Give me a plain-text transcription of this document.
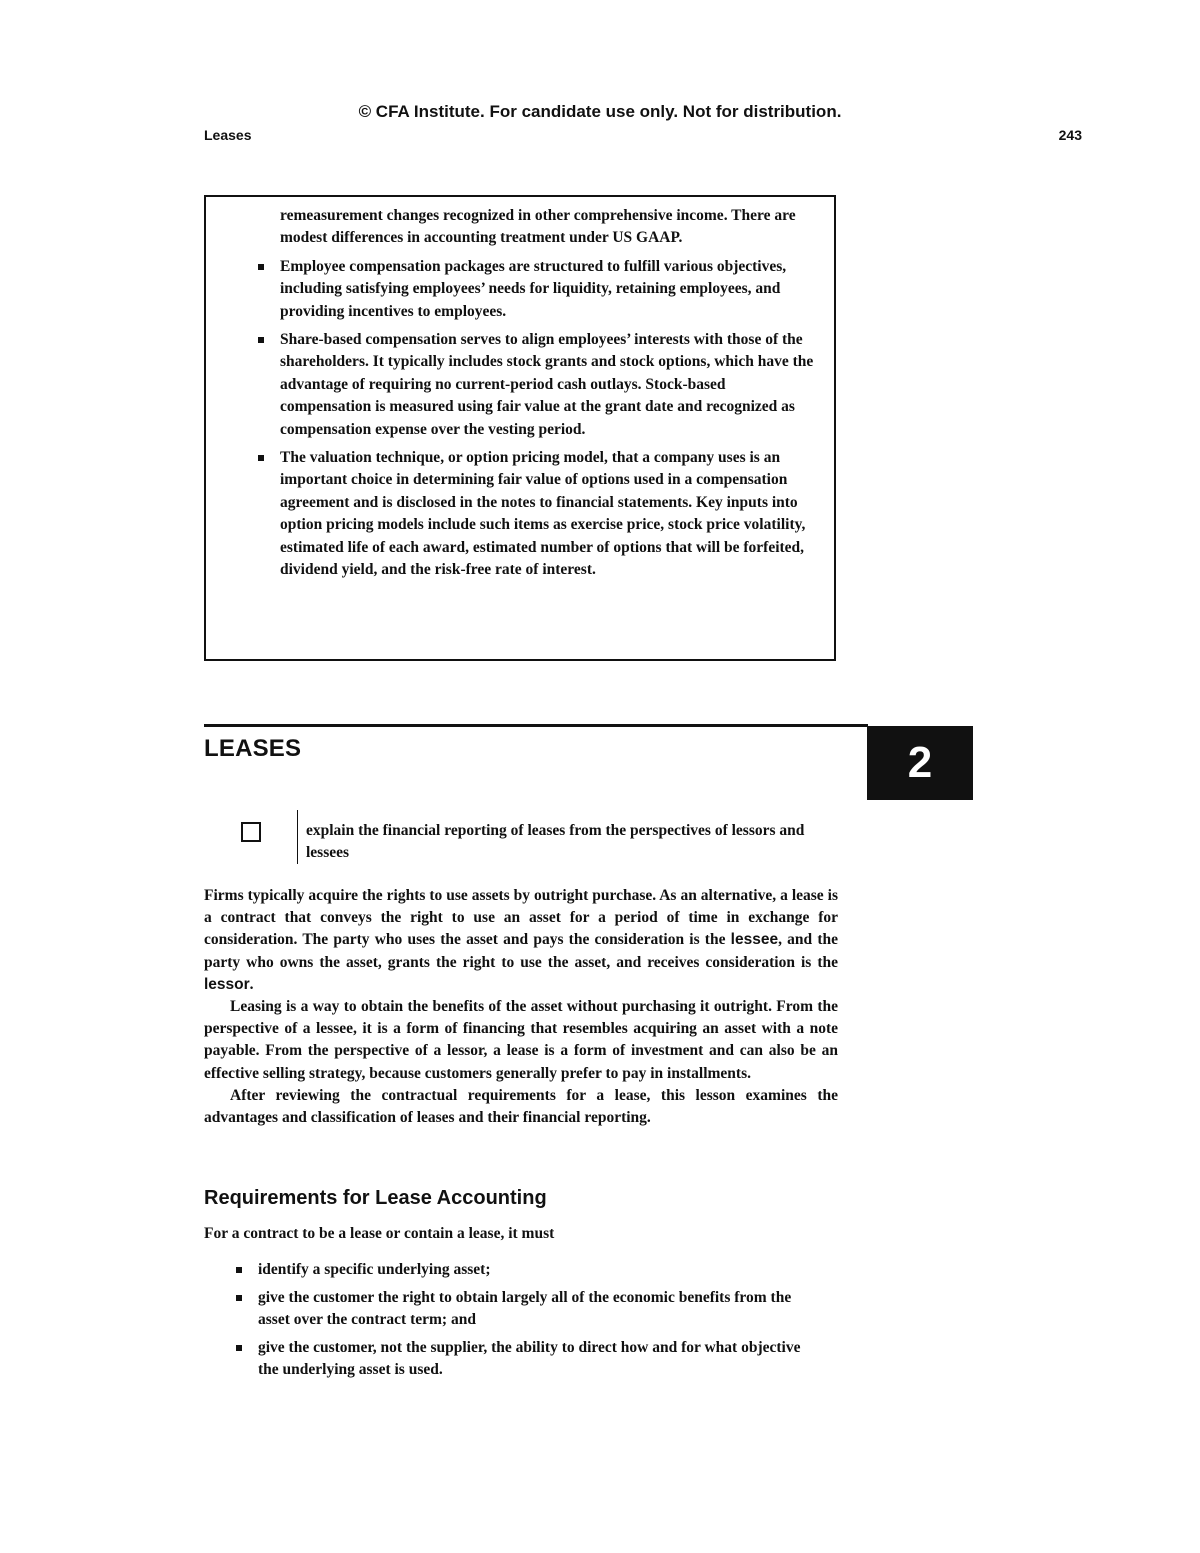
© CFA Institute. For candidate use only. Not for distribution.
Leases	243

remeasurement changes recognized in other comprehensive income. There are modest differences in accounting treatment under US GAAP.

Employee compensation packages are structured to fulfill various objectives, including satisfying employees’ needs for liquidity, retaining employees, and providing incentives to employees.
Share-based compensation serves to align employees’ interests with those of the shareholders. It typically includes stock grants and stock options, which have the advantage of requiring no current-period cash outlays. Stock-based compensation is measured using fair value at the grant date and recognized as compensation expense over the vesting period.
The valuation technique, or option pricing model, that a company uses is an important choice in determining fair value of options used in a compensation agreement and is disclosed in the notes to financial statements. Key inputs into option pricing models include such items as exercise price, stock price volatility, estimated life of each award, estimated number of options that will be forfeited, dividend yield, and the risk-free rate of interest.
LEASES	2
explain the financial reporting of leases from the perspectives of lessors and lessees

Firms typically acquire the rights to use assets by outright purchase. As an alternative, a lease is a contract that conveys the right to use an asset for a period of time in exchange for consideration. The party who uses the asset and pays the consideration is the lessee, and the party who owns the asset, grants the right to use the asset, and receives consideration is the lessor.

Leasing is a way to obtain the benefits of the asset without purchasing it outright. From the perspective of a lessee, it is a form of financing that resembles acquiring an asset with a note payable. From the perspective of a lessor, a lease is a form of investment and can also be an effective selling strategy, because customers generally prefer to pay in installments.

After reviewing the contractual requirements for a lease, this lesson examines the advantages and classification of leases and their financial reporting.

Requirements for Lease Accounting
For a contract to be a lease or contain a lease, it must
identify a specific underlying asset;
give the customer the right to obtain largely all of the economic benefits from the asset over the contract term; and
give the customer, not the supplier, the ability to direct how and for what objective the underlying asset is used.
